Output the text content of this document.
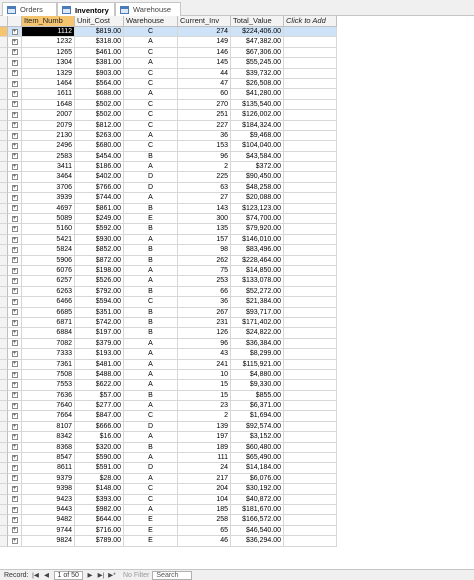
Orders	Inventory	Warehouse
Item_Numb	Unit_Cost	Warehouse	Current_Inv	Total_Value	Click to Add
+	1112	$819.00	C	274	$224,406.00
+	1232	$318.00	A	149	$47,382.00
+	1265	$461.00	C	146	$67,306.00
+	1304	$381.00	A	145	$55,245.00
+	1329	$903.00	C	44	$39,732.00
+	1464	$564.00	C	47	$26,508.00
+	1611	$688.00	A	60	$41,280.00
+	1648	$502.00	C	270	$135,540.00
+	2007	$502.00	C	251	$126,002.00
+	2079	$812.00	C	227	$184,324.00
+	2130	$263.00	A	36	$9,468.00
+	2496	$680.00	C	153	$104,040.00
+	2583	$454.00	B	96	$43,584.00
+	3411	$186.00	A	2	$372.00
+	3464	$402.00	D	225	$90,450.00
+	3706	$766.00	D	63	$48,258.00
+	3939	$744.00	A	27	$20,088.00
+	4697	$861.00	B	143	$123,123.00
+	5089	$249.00	E	300	$74,700.00
+	5160	$592.00	B	135	$79,920.00
+	5421	$930.00	A	157	$146,010.00
+	5824	$852.00	B	98	$83,496.00
+	5906	$872.00	B	262	$228,464.00
+	6076	$198.00	A	75	$14,850.00
+	6257	$526.00	A	253	$133,078.00
+	6263	$792.00	B	66	$52,272.00
+	6466	$594.00	C	36	$21,384.00
+	6685	$351.00	B	267	$93,717.00
+	6871	$742.00	B	231	$171,402.00
+	6884	$197.00	B	126	$24,822.00
+	7082	$379.00	A	96	$36,384.00
+	7333	$193.00	A	43	$8,299.00
+	7361	$481.00	A	241	$115,921.00
+	7508	$488.00	A	10	$4,880.00
+	7553	$622.00	A	15	$9,330.00
+	7636	$57.00	B	15	$855.00
+	7640	$277.00	A	23	$6,371.00
+	7664	$847.00	C	2	$1,694.00
+	8107	$666.00	D	139	$92,574.00
+	8342	$16.00	A	197	$3,152.00
+	8368	$320.00	B	189	$60,480.00
+	8547	$590.00	A	111	$65,490.00
+	8611	$591.00	D	24	$14,184.00
+	9379	$28.00	A	217	$6,076.00
+	9398	$148.00	C	204	$30,192.00
+	9423	$393.00	C	104	$40,872.00
+	9443	$982.00	A	185	$181,670.00
+	9482	$644.00	E	258	$166,572.00
+	9744	$716.00	E	65	$46,540.00
+	9824	$789.00	E	46	$36,294.00
Record: |◀ ◀	1 of 50	▶ ▶| ▶*	No Filter	Search
